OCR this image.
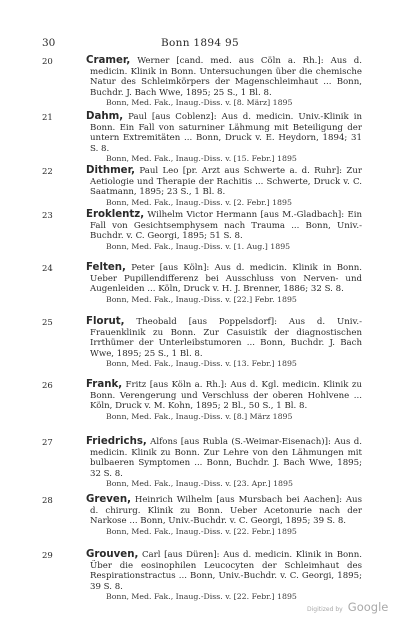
30	Bonn 1894 95
20	Cramer, Werner [cand. med. aus Cöln a. Rh.]: Aus d. medicin. Klinik in Bonn. Untersuchungen über die chemische Natur des Schleimkörpers der Magenschleimhaut ... Bonn, Buchdr. J. Bach Wwe, 1895; 25 S., 1 Bl. 8.
Bonn, Med. Fak., Inaug.-Diss. v. [8. März] 1895
21	Dahm, Paul [aus Coblenz]: Aus d. medicin. Univ.-Klinik in Bonn. Ein Fall von saturniner Lähmung mit Beteiligung der untern Extremitäten ... Bonn, Druck v. E. Heydorn, 1894; 31 S. 8.
Bonn, Med. Fak., Inaug.-Diss. v. [15. Febr.] 1895
22	Dithmer, Paul Leo [pr. Arzt aus Schwerte a. d. Ruhr]: Zur Aetiologie und Therapie der Rachitis ... Schwerte, Druck v. C. Saatmann, 1895; 23 S., 1 Bl. 8.
Bonn, Med. Fak., Inaug.-Diss. v. [2. Febr.] 1895
23	Eroklentz, Wilhelm Victor Hermann [aus M.-Gladbach]: Ein Fall von Gesichtsemphysem nach Trauma ... Bonn, Univ.-Buchdr. v. C. Georgi, 1895; 51 S. 8.
Bonn, Med. Fak., Inaug.-Diss. v. [1. Aug.] 1895
24	Felten, Peter [aus Köln]: Aus d. medicin. Klinik in Bonn. Ueber Pupillendifferenz bei Ausschluss von Nerven- und Augenleiden ... Köln, Druck v. H. J. Brenner, 1886; 32 S. 8.
Bonn, Med. Fak., Inaug.-Diss. v. [22.] Febr. 1895
25	Florut, Theobald [aus Poppelsdorf]: Aus d. Univ.-Frauenklinik zu Bonn. Zur Casuistik der diagnostischen Irrthümer der Unterleibstumoren ... Bonn, Buchdr. J. Bach Wwe, 1895; 25 S., 1 Bl. 8.
Bonn, Med. Fak., Inaug.-Diss. v. [13. Febr.] 1895
26	Frank, Fritz [aus Köln a. Rh.]: Aus d. Kgl. medicin. Klinik zu Bonn. Verengerung und Verschluss der oberen Hohlvene ... Köln, Druck v. M. Kohn, 1895; 2 Bl., 50 S., 1 Bl. 8.
Bonn, Med. Fak., Inaug.-Diss. v. [8.] März 1895
27	Friedrichs, Alfons [aus Rubla (S.-Weimar-Eisenach)]: Aus d. medicin. Klinik zu Bonn. Zur Lehre von den Lähmungen mit bulbaeren Symptomen ... Bonn, Buchdr. J. Bach Wwe, 1895; 32 S. 8.
Bonn, Med. Fak., Inaug.-Diss. v. [23. Apr.] 1895
28	Greven, Heinrich Wilhelm [aus Mursbach bei Aachen]: Aus d. chirurg. Klinik zu Bonn. Ueber Acetonurie nach der Narkose ... Bonn, Univ.-Buchdr. v. C. Georgi, 1895; 39 S. 8.
Bonn, Med. Fak., Inaug.-Diss. v. [22. Febr.] 1895
29	Grouven, Carl [aus Düren]: Aus d. medicin. Klinik in Bonn. Über die eosinophilen Leucocyten der Schleimhaut des Respirationstractus ... Bonn, Univ.-Buchdr. v. C. Georgi, 1895; 39 S. 8.
Bonn, Med. Fak., Inaug.-Diss. v. [22. Febr.] 1895
Digitized by Google
